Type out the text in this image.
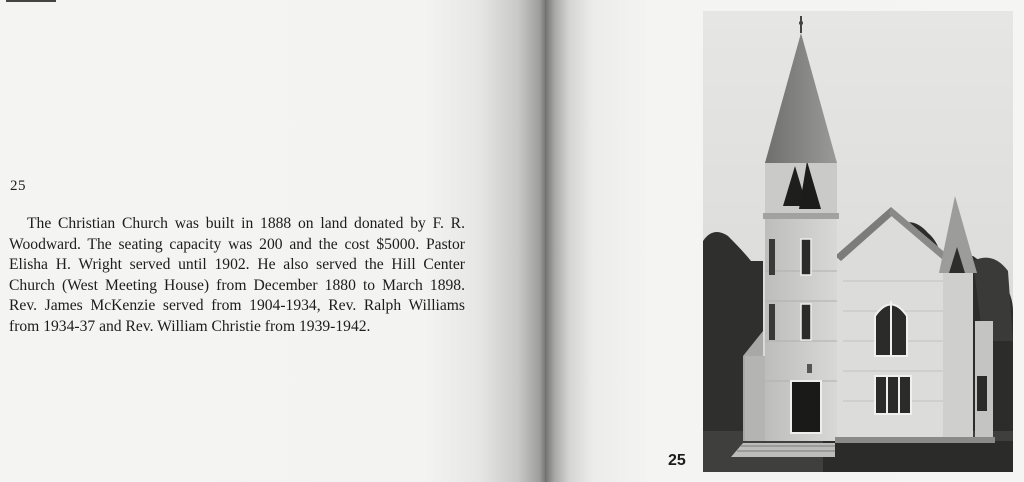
25

The Christian Church was built in 1888 on land donated by F. R. Woodward. The seating capacity was 200 and the cost $5000. Pastor Elisha H. Wright served until 1902. He also served the Hill Center Church (West Meeting House) from December 1880 to March 1898. Rev. James McKenzie served from 1904-1934, Rev. Ralph Williams from 1934-37 and Rev. William Christie from 1939-1942.

25
